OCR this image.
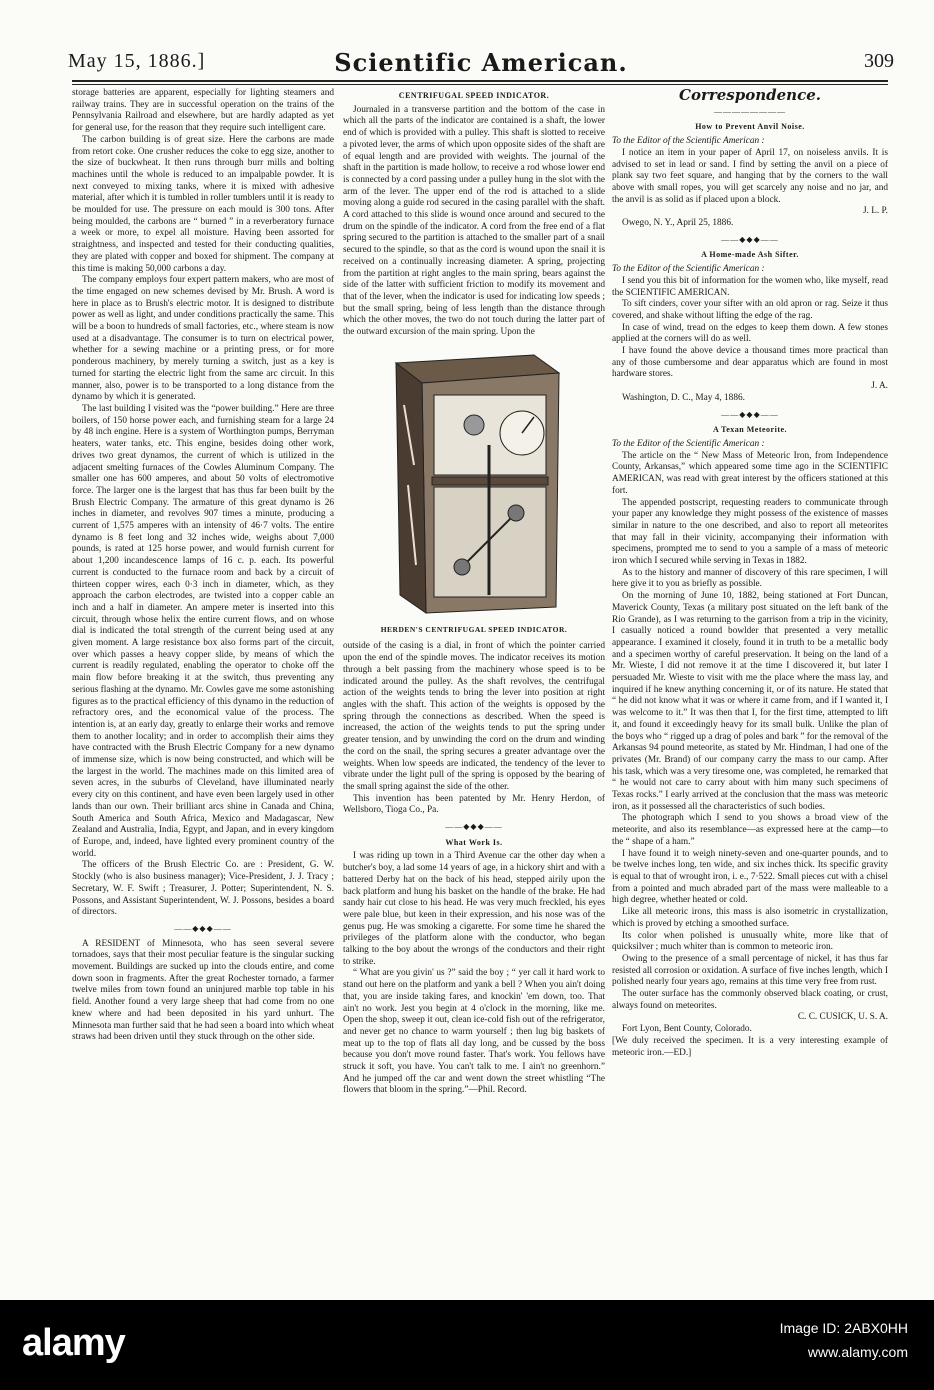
May 15, 1886.]	Scientific American.	309

storage batteries are apparent, especially for lighting steamers and railway trains. They are in successful operation on the trains of the Pennsylvania Railroad and elsewhere, but are hardly adapted as yet for general use, for the reason that they require such intelligent care.

The carbon building is of great size. Here the carbons are made from retort coke. One crusher reduces the coke to egg size, another to the size of buckwheat. It then runs through burr mills and bolting machines until the whole is reduced to an impalpable powder. It is next conveyed to mixing tanks, where it is mixed with adhesive material, after which it is tumbled in roller tumblers until it is ready to be moulded for use. The pressure on each mould is 300 tons. After being moulded, the carbons are “ burned ” in a reverberatory furnace a week or more, to expel all moisture. Having been assorted for straightness, and inspected and tested for their conducting qualities, they are plated with copper and boxed for shipment. The company at this time is making 50,000 carbons a day.

The company employs four expert pattern makers, who are most of the time engaged on new schemes devised by Mr. Brush. A word is here in place as to Brush's electric motor. It is designed to distribute power as well as light, and under conditions practically the same. This will be a boon to hundreds of small factories, etc., where steam is now used at a disadvantage. The consumer is to turn on electrical power, whether for a sewing machine or a printing press, or for more ponderous machinery, by merely turning a switch, just as a key is turned for starting the electric light from the same arc circuit. In this manner, also, power is to be transported to a long distance from the dynamo by which it is generated.

The last building I visited was the “power building.” Here are three boilers, of 150 horse power each, and furnishing steam for a large 24 by 48 inch engine. Here is a system of Worthington pumps, Berryman heaters, water tanks, etc. This engine, besides doing other work, drives two great dynamos, the current of which is utilized in the adjacent smelting furnaces of the Cowles Aluminum Company. The smaller one has 600 amperes, and about 50 volts of electromotive force. The larger one is the largest that has thus far been built by the Brush Electric Company. The armature of this great dynamo is 26 inches in diameter, and revolves 907 times a minute, producing a current of 1,575 amperes with an intensity of 46·7 volts. The entire dynamo is 8 feet long and 32 inches wide, weighs about 7,000 pounds, is rated at 125 horse power, and would furnish current for about 1,200 incandescence lamps of 16 c. p. each. Its powerful current is conducted to the furnace room and back by a circuit of thirteen copper wires, each 0·3 inch in diameter, which, as they approach the carbon electrodes, are twisted into a copper cable an inch and a half in diameter. An ampere meter is inserted into this circuit, through whose helix the entire current flows, and on whose dial is indicated the total strength of the current being used at any given moment. A large resistance box also forms part of the circuit, over which passes a heavy copper slide, by means of which the current is readily regulated, enabling the operator to choke off the main flow before breaking it at the switch, thus preventing any serious flashing at the dynamo. Mr. Cowles gave me some astonishing figures as to the practical efficiency of this dynamo in the reduction of refractory ores, and the economical value of the process. The intention is, at an early day, greatly to enlarge their works and remove them to another locality; and in order to accomplish their aims they have contracted with the Brush Electric Company for a new dynamo of immense size, which is now being constructed, and which will be the largest in the world. The machines made on this limited area of seven acres, in the suburbs of Cleveland, have illuminated nearly every city on this continent, and have even been largely used in other lands than our own. Their brilliant arcs shine in Canada and China, South America and South Africa, Mexico and Madagascar, New Zealand and Australia, India, Egypt, and Japan, and in every kingdom of Europe, and, indeed, have lighted every prominent country of the world.

The officers of the Brush Electric Co. are : President, G. W. Stockly (who is also business manager); Vice-President, J. J. Tracy ; Secretary, W. F. Swift ; Treasurer, J. Potter; Superintendent, N. S. Possons, and Assistant Superintendent, W. J. Possons, besides a board of directors.

——◆◆◆——

A RESIDENT of Minnesota, who has seen several severe tornadoes, says that their most peculiar feature is the singular sucking movement. Buildings are sucked up into the clouds entire, and come down soon in fragments. After the great Rochester tornado, a farmer twelve miles from town found an uninjured marble top table in his field. Another found a very large sheep that had come from no one knew where and had been deposited in his yard unhurt. The Minnesota man further said that he had seen a board into which wheat straws had been driven until they stuck through on the other side.

CENTRIFUGAL SPEED INDICATOR.

Journaled in a transverse partition and the bottom of the case in which all the parts of the indicator are contained is a shaft, the lower end of which is provided with a pulley. This shaft is slotted to receive a pivoted lever, the arms of which upon opposite sides of the shaft are of equal length and are provided with weights. The journal of the shaft in the partition is made hollow, to receive a rod whose lower end is connected by a cord passing under a pulley hung in the slot with the arm of the lever. The upper end of the rod is attached to a slide moving along a guide rod secured in the casing parallel with the shaft. A cord attached to this slide is wound once around and secured to the drum on the spindle of the indicator. A cord from the free end of a flat spring secured to the partition is attached to the smaller part of a snail secured to the spindle, so that as the cord is wound upon the snail it is received on a continually increasing diameter. A spring, projecting from the partition at right angles to the main spring, bears against the side of the latter with sufficient friction to modify its movement and that of the lever, when the indicator is used for indicating low speeds ; but the small spring, being of less length than the distance through which the other moves, the two do not touch during the latter part of the outward excursion of the main spring. Upon the

HERDEN'S CENTRIFUGAL SPEED INDICATOR.

outside of the casing is a dial, in front of which the pointer carried upon the end of the spindle moves. The indicator receives its motion through a belt passing from the machinery whose speed is to be indicated around the pulley. As the shaft revolves, the centrifugal action of the weights tends to bring the lever into position at right angles with the shaft. This action of the weights is opposed by the spring through the connections as described. When the speed is increased, the action of the weights tends to put the spring under greater tension, and by unwinding the cord on the drum and winding the cord on the snail, the spring secures a greater advantage over the weights. When low speeds are indicated, the tendency of the lever to vibrate under the light pull of the spring is opposed by the bearing of the small spring against the side of the other.

This invention has been patented by Mr. Henry Herdon, of Wellsboro, Tioga Co., Pa.

——◆◆◆——
What Work Is.

I was riding up town in a Third Avenue car the other day when a butcher's boy, a lad some 14 years of age, in a hickory shirt and with a battered Derby hat on the back of his head, stepped airily upon the back platform and hung his basket on the handle of the brake. He had sandy hair cut close to his head. He was very much freckled, his eyes were pale blue, but keen in their expression, and his nose was of the genus pug. He was smoking a cigarette. For some time he shared the privileges of the platform alone with the conductor, who began talking to the boy about the wrongs of the conductors and their right to strike.

“ What are you givin' us ?” said the boy ; “ yer call it hard work to stand out here on the platform and yank a bell ? When you ain't doing that, you are inside taking fares, and knockin' 'em down, too. That ain't no work. Jest you begin at 4 o'clock in the morning, like me. Open the shop, sweep it out, clean ice-cold fish out of the refrigerator, and never get no chance to warm yourself ; then lug big baskets of meat up to the top of flats all day long, and be cussed by the boss because you don't move round faster. That's work. You fellows have struck it soft, you have. You can't talk to me. I ain't no greenhorn.” And he jumped off the car and went down the street whistling “The flowers that bloom in the spring.”—Phil. Record.

Correspondence.
————————
How to Prevent Anvil Noise.

To the Editor of the Scientific American :

I notice an item in your paper of April 17, on noiseless anvils. It is advised to set in lead or sand. I find by setting the anvil on a piece of plank say two feet square, and hanging that by the corners to the wall above with small ropes, you will get scarcely any noise and no jar, and the anvil is as solid as if placed upon a block.

J. L. P.

Owego, N. Y., April 25, 1886.

——◆◆◆——
A Home-made Ash Sifter.

To the Editor of the Scientific American :

I send you this bit of information for the women who, like myself, read the SCIENTIFIC AMERICAN.

To sift cinders, cover your sifter with an old apron or rag. Seize it thus covered, and shake without lifting the edge of the rag.

In case of wind, tread on the edges to keep them down. A few stones applied at the corners will do as well.

I have found the above device a thousand times more practical than any of those cumbersome and dear apparatus which are found in most hardware stores.

J. A.

Washington, D. C., May 4, 1886.

——◆◆◆——
A Texan Meteorite.

To the Editor of the Scientific American :

The article on the “ New Mass of Meteoric Iron, from Independence County, Arkansas,” which appeared some time ago in the SCIENTIFIC AMERICAN, was read with great interest by the officers stationed at this fort.

The appended postscript, requesting readers to communicate through your paper any knowledge they might possess of the existence of masses similar in nature to the one described, and also to report all meteorites that may fall in their vicinity, accompanying their information with specimens, prompted me to send to you a sample of a mass of meteoric iron which I secured while serving in Texas in 1882.

As to the history and manner of discovery of this rare specimen, I will here give it to you as briefly as possible.

On the morning of June 10, 1882, being stationed at Fort Duncan, Maverick County, Texas (a military post situated on the left bank of the Rio Grande), as I was returning to the garrison from a trip in the vicinity, I casually noticed a round bowlder that presented a very metallic appearance. I examined it closely, found it in truth to be a metallic body and a specimen worthy of careful preservation. It being on the land of a Mr. Wieste, I did not remove it at the time I discovered it, but later I persuaded Mr. Wieste to visit with me the place where the mass lay, and inquired if he knew anything concerning it, or of its nature. He stated that “ he did not know what it was or where it came from, and if I wanted it, I was welcome to it.” It was then that I, for the first time, attempted to lift it, and found it exceedingly heavy for its small bulk. Unlike the plan of the boys who “ rigged up a drag of poles and bark ” for the removal of the Arkansas 94 pound meteorite, as stated by Mr. Hindman, I had one of the privates (Mr. Brand) of our company carry the mass to our camp. After his task, which was a very tiresome one, was completed, he remarked that “ he would not care to carry about with him many such specimens of Texas rocks.” I early arrived at the conclusion that the mass was meteoric iron, as it possessed all the characteristics of such bodies.

The photograph which I send to you shows a broad view of the meteorite, and also its resemblance—as expressed here at the camp—to the “ shape of a ham.”

I have found it to weigh ninety-seven and one-quarter pounds, and to be twelve inches long, ten wide, and six inches thick. Its specific gravity is equal to that of wrought iron, i. e., 7·522. Small pieces cut with a chisel from a pointed and much abraded part of the mass were malleable to a high degree, whether heated or cold.

Like all meteoric irons, this mass is also isometric in crystallization, which is proved by etching a smoothed surface.

Its color when polished is unusually white, more like that of quicksilver ; much whiter than is common to meteoric iron.

Owing to the presence of a small percentage of nickel, it has thus far resisted all corrosion or oxidation. A surface of five inches length, which I polished nearly four years ago, remains at this time very free from rust.

The outer surface has the commonly observed black coating, or crust, always found on meteorites.

C. C. CUSICK, U. S. A.

Fort Lyon, Bent County, Colorado.

[We duly received the specimen. It is a very interesting example of meteoric iron.—ED.]

alamy	Image ID: 2ABX0HH
www.alamy.com
